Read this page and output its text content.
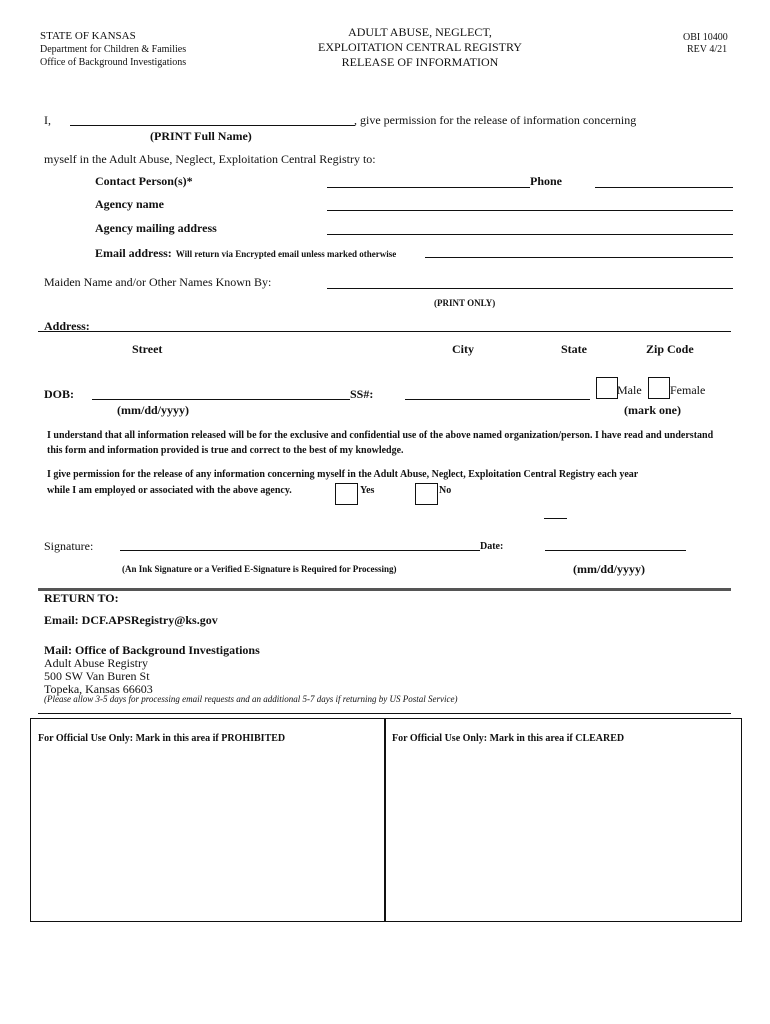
STATE OF KANSAS
Department for Children & Families
Office of Background Investigations
ADULT ABUSE, NEGLECT,
EXPLOITATION CENTRAL REGISTRY
RELEASE OF INFORMATION
OBI 10400
REV 4/21
I,	, give permission for the release of information concerning
(PRINT Full Name)
myself in the Adult Abuse, Neglect, Exploitation Central Registry to:
Contact Person(s)*	Phone
Agency name
Agency mailing address
Email address: Will return via Encrypted email unless marked otherwise
Maiden Name and/or Other Names Known By:
(PRINT ONLY)
Address:
Street	City	State	Zip Code
DOB:	SS#:	Male Female
(mm/dd/yyyy)	(mark one)
I understand that all information released will be for the exclusive and confidential use of the above named organization/person. I have read and understand this form and information provided is true and correct to the best of my knowledge.
I give permission for the release of any information concerning myself in the Adult Abuse, Neglect, Exploitation Central Registry each year
while I am employed or associated with the above agency.	Yes	No
Signature:	Date:
(An Ink Signature or a Verified E-Signature is Required for Processing)	(mm/dd/yyyy)
RETURN TO:
Email: DCF.APSRegistry@ks.gov
Mail: Office of Background Investigations
Adult Abuse Registry
500 SW Van Buren St
Topeka, Kansas 66603
(Please allow 3-5 days for processing email requests and an additional 5-7 days if returning by US Postal Service)
For Official Use Only: Mark in this area if PROHIBITED	For Official Use Only: Mark in this area if CLEARED
